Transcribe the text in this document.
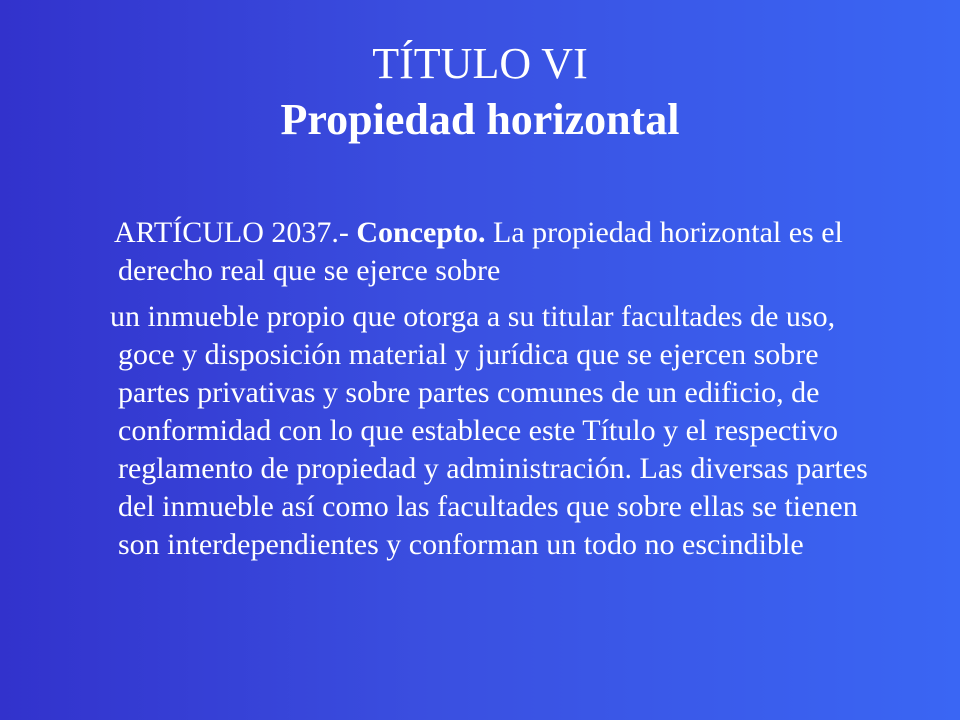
TÍTULO VI
Propiedad horizontal

ARTÍCULO 2037.- Concepto. La propiedad horizontal es el derecho real que se ejerce sobre

un inmueble propio que otorga a su titular facultades de uso, goce y disposición material y jurídica que se ejercen sobre partes privativas y sobre partes comunes de un edificio, de conformidad con lo que establece este Título y el respectivo reglamento de propiedad y administración. Las diversas partes del inmueble así como las facultades que sobre ellas se tienen son interdependientes y conforman un todo no escindible
